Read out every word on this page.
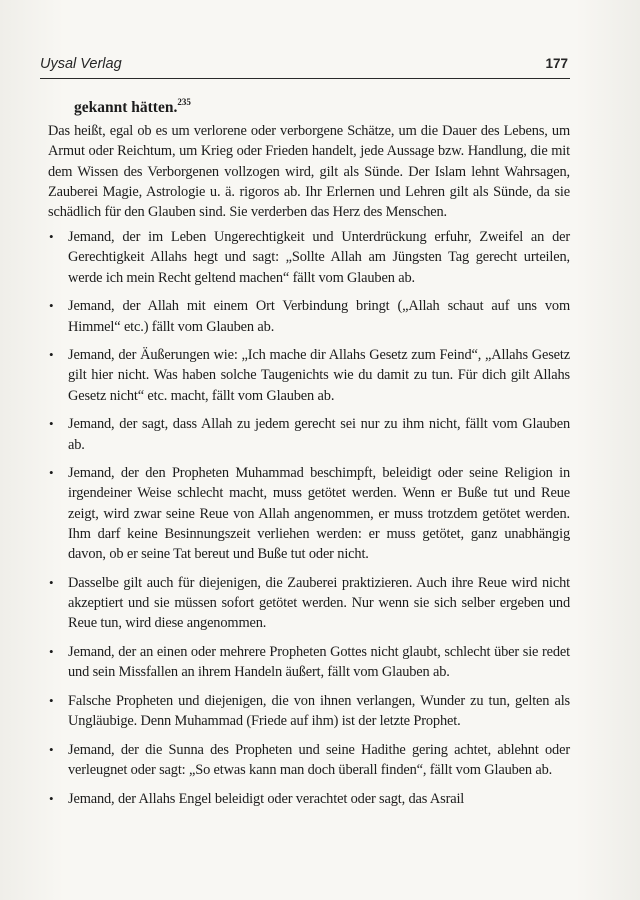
Uysal Verlag	177
gekannt hätten.$^{235}$

Das heißt, egal ob es um verlorene oder verborgene Schätze, um die Dauer des Lebens, um Armut oder Reichtum, um Krieg oder Frieden handelt, jede Aussage bzw. Handlung, die mit dem Wissen des Verborgenen vollzogen wird, gilt als Sünde. Der Islam lehnt Wahrsagen, Zauberei Magie, Astrologie u. ä. rigoros ab. Ihr Erlernen und Lehren gilt als Sünde, da sie schädlich für den Glauben sind. Sie verderben das Herz des Menschen.

• Jemand, der im Leben Ungerechtigkeit und Unterdrückung erfuhr, Zweifel an der Gerechtigkeit Allahs hegt und sagt: „Sollte Allah am Jüngsten Tag gerecht urteilen, werde ich mein Recht geltend machen“ fällt vom Glauben ab.
• Jemand, der Allah mit einem Ort Verbindung bringt („Allah schaut auf uns vom Himmel“ etc.) fällt vom Glauben ab.
• Jemand, der Äußerungen wie: „Ich mache dir Allahs Gesetz zum Feind“, „Allahs Gesetz gilt hier nicht. Was haben solche Taugenichts wie du damit zu tun. Für dich gilt Allahs Gesetz nicht“ etc. macht, fällt vom Glauben ab.
• Jemand, der sagt, dass Allah zu jedem gerecht sei nur zu ihm nicht, fällt vom Glauben ab.
• Jemand, der den Propheten Muhammad beschimpft, beleidigt oder seine Religion in irgendeiner Weise schlecht macht, muss getötet werden. Wenn er Buße tut und Reue zeigt, wird zwar seine Reue von Allah angenommen, er muss trotzdem getötet werden. Ihm darf keine Besinnungszeit verliehen werden: er muss getötet, ganz unabhängig davon, ob er seine Tat bereut und Buße tut oder nicht.
• Dasselbe gilt auch für diejenigen, die Zauberei praktizieren. Auch ihre Reue wird nicht akzeptiert und sie müssen sofort getötet werden. Nur wenn sie sich selber ergeben und Reue tun, wird diese angenommen.
• Jemand, der an einen oder mehrere Propheten Gottes nicht glaubt, schlecht über sie redet und sein Missfallen an ihrem Handeln äußert, fällt vom Glauben ab.
• Falsche Propheten und diejenigen, die von ihnen verlangen, Wunder zu tun, gelten als Ungläubige. Denn Muhammad (Friede auf ihm) ist der letzte Prophet.
• Jemand, der die Sunna des Propheten und seine Hadithe gering achtet, ablehnt oder verleugnet oder sagt: „So etwas kann man doch überall finden“, fällt vom Glauben ab.
• Jemand, der Allahs Engel beleidigt oder verachtet oder sagt, das Asrail
